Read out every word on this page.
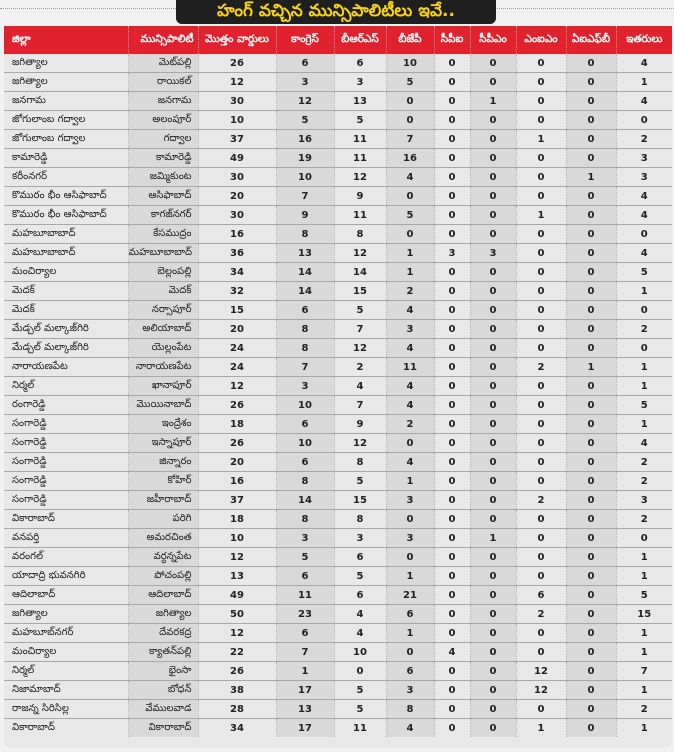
హంగ్ వచ్చిన మున్సిపాలిటీలు ఇవే..
జిల్లా	మున్సిపాలిటీ	మొత్తం వార్డులు	కాంగ్రెస్	బీఆర్ఎస్	బీజేపీ	సీపీఐ	సీపీఎం	ఎంఐఎం	ఏఐఎఫ్‌బీ	ఇతరులు
జగిత్యాల	మెట్‌పల్లి	26	6	6	10	0	0	0	0	4
జగిత్యాల	రాయికల్	12	3	3	5	0	0	0	0	1
జనగామ	జనగామ	30	12	13	0	0	1	0	0	4
జోగులాంబ గద్వాల	అలంపూర్	10	5	5	0	0	0	0	0	0
జోగులాంబ గద్వాల	గద్వాల	37	16	11	7	0	0	1	0	2
కామారెడ్డి	కామారెడ్డి	49	19	11	16	0	0	0	0	3
కరీంనగర్	జమ్మికుంట	30	10	12	4	0	0	0	1	3
కొమురం భీం ఆసిఫాబాద్	ఆసిఫాబాద్	20	7	9	0	0	0	0	0	4
కొమురం భీం ఆసిఫాబాద్	కాగజ్‌నగర్	30	9	11	5	0	0	1	0	4
మహబూబాబాద్	కేసముద్రం	16	8	8	0	0	0	0	0	0
మహబూబాబాద్	మహబూబాబాద్	36	13	12	1	3	3	0	0	4
మంచిర్యాల	బెల్లంపల్లి	34	14	14	1	0	0	0	0	5
మెదక్	మెదక్	32	14	15	2	0	0	0	0	1
మెదక్	నర్సాపూర్	15	6	5	4	0	0	0	0	0
మేడ్చల్ మల్కాజ్‌గిరి	అలియాబాద్	20	8	7	3	0	0	0	0	2
మేడ్చల్ మల్కాజ్‌గిరి	యెల్లంపేట	24	8	12	4	0	0	0	0	0
నారాయణపేట	నారాయణపేట	24	7	2	11	0	0	2	1	1
నిర్మల్	ఖానాపూర్	12	3	4	4	0	0	0	0	1
రంగారెడ్డి	మొయినాబాద్	26	10	7	4	0	0	0	0	5
సంగారెడ్డి	ఇంద్రేశం	18	6	9	2	0	0	0	0	1
సంగారెడ్డి	ఇస్నాపూర్	26	10	12	0	0	0	0	0	4
సంగారెడ్డి	జిన్నారం	20	6	8	4	0	0	0	0	2
సంగారెడ్డి	కోహిర్	16	8	5	1	0	0	0	0	2
సంగారెడ్డి	జహీరాబాద్	37	14	15	3	0	0	2	0	3
వికారాబాద్	పరిగి	18	8	8	0	0	0	0	0	2
వనపర్తి	అమరచింత	10	3	3	3	0	1	0	0	0
వరంగల్	వర్ధన్నపేట	12	5	6	0	0	0	0	0	1
యాదాద్రి భువనగిరి	పోచంపల్లి	13	6	5	1	0	0	0	0	1
ఆదిలాబాద్	ఆదిలాబాద్	49	11	6	21	0	0	6	0	5
జగిత్యాల	జగిత్యాల	50	23	4	6	0	0	2	0	15
మహబూబ్‌నగర్	దేవరకద్ర	12	6	4	1	0	0	0	0	1
మంచిర్యాల	క్యాతన్‌పల్లి	22	7	10	0	4	0	0	0	1
నిర్మల్	భైంసా	26	1	0	6	0	0	12	0	7
నిజామాబాద్	బోధన్	38	17	5	3	0	0	12	0	1
రాజన్న సిరిసిల్ల	వేములవాడ	28	13	5	8	0	0	0	0	2
వికారాబాద్	వికారాబాద్	34	17	11	4	0	0	1	0	1
